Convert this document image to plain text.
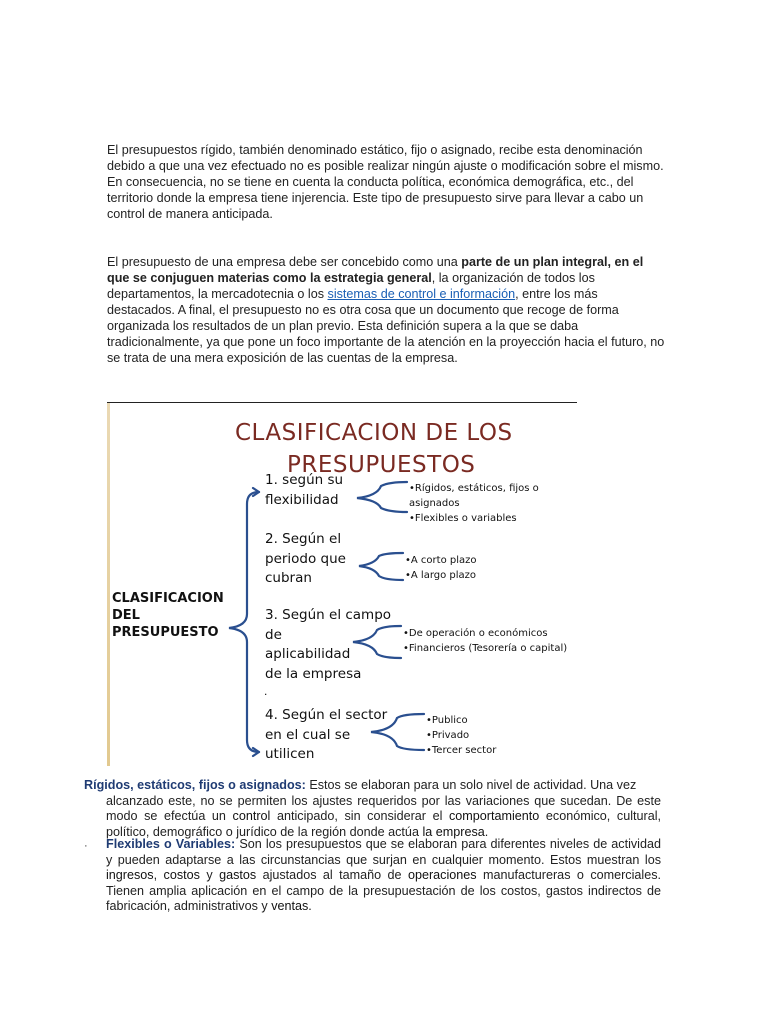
El presupuestos rígido, también denominado estático, fijo o asignado, recibe esta denominación debido a que una vez efectuado no es posible realizar ningún ajuste o modificación sobre el mismo. En consecuencia, no se tiene en cuenta la conducta política, económica demográfica, etc., del territorio donde la empresa tiene injerencia. Este tipo de presupuesto sirve para llevar a cabo un control de manera anticipada.

El presupuesto de una empresa debe ser concebido como una parte de un plan integral, en el que se conjuguen materias como la estrategia general, la organización de todos los departamentos, la mercadotecnia o los sistemas de control e información, entre los más destacados. A final, el presupuesto no es otra cosa que un documento que recoge de forma organizada los resultados de un plan previo. Esta definición supera a la que se daba tradicionalmente, ya que pone un foco importante de la atención en la proyección hacia el futuro, no se trata de una mera exposición de las cuentas de la empresa.

CLASIFICACION DE LOS
PRESUPUESTOS
CLASIFICACION
DEL
PRESUPUESTO
1. según su
flexibilidad
2. Según el
periodo que
cubran
3. Según el campo
de
aplicabilidad
de la empresa
4. Según el sector
en el cual se
utilicen
.
•Rígidos, estáticos, fijos o asignados
•Flexibles o variables
•A corto plazo
•A largo plazo
•De operación o económicos
•Financieros (Tesorería o capital)
•Publico
•Privado
•Tercer sector

Rígidos, estáticos, fijos o asignados: Estos se elaboran para un solo nivel de actividad. Una vez
alcanzado este, no se permiten los ajustes requeridos por las variaciones que sucedan. De este modo se efectúa un control anticipado, sin considerar el comportamiento económico, cultural, político, demográfico o jurídico de la región donde actúa la empresa.

· Flexibles o Variables: Son los presupuestos que se elaboran para diferentes niveles de actividad y pueden adaptarse a las circunstancias que surjan en cualquier momento. Estos muestran los ingresos, costos y gastos ajustados al tamaño de operaciones manufactureras o comerciales. Tienen amplia aplicación en el campo de la presupuestación de los costos, gastos indirectos de fabricación, administrativos y ventas.
